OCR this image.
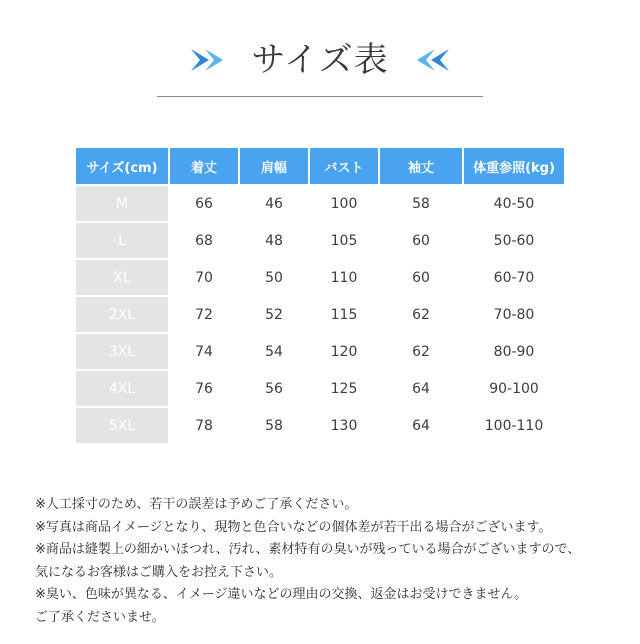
サイズ表
サイズ(cm)	着丈	肩幅	バスト	袖丈	体重参照(kg)
M	66	46	100	58	40-50
L	68	48	105	60	50-60
XL	70	50	110	60	60-70
2XL	72	52	115	62	70-80
3XL	74	54	120	62	80-90
4XL	76	56	125	64	90-100
5XL	78	58	130	64	100-110
※人工採寸のため、若干の誤差は予めご了承ください。
※写真は商品イメージとなり、現物と色合いなどの個体差が若干出る場合がございます。
※商品は縫製上の細かいほつれ、汚れ、素材特有の臭いが残っている場合がございますので、
気になるお客様はご購入をお控え下さい。
※臭い、色味が異なる、イメージ違いなどの理由の交換、返金はお受けできません。
ご了承くださいませ。
